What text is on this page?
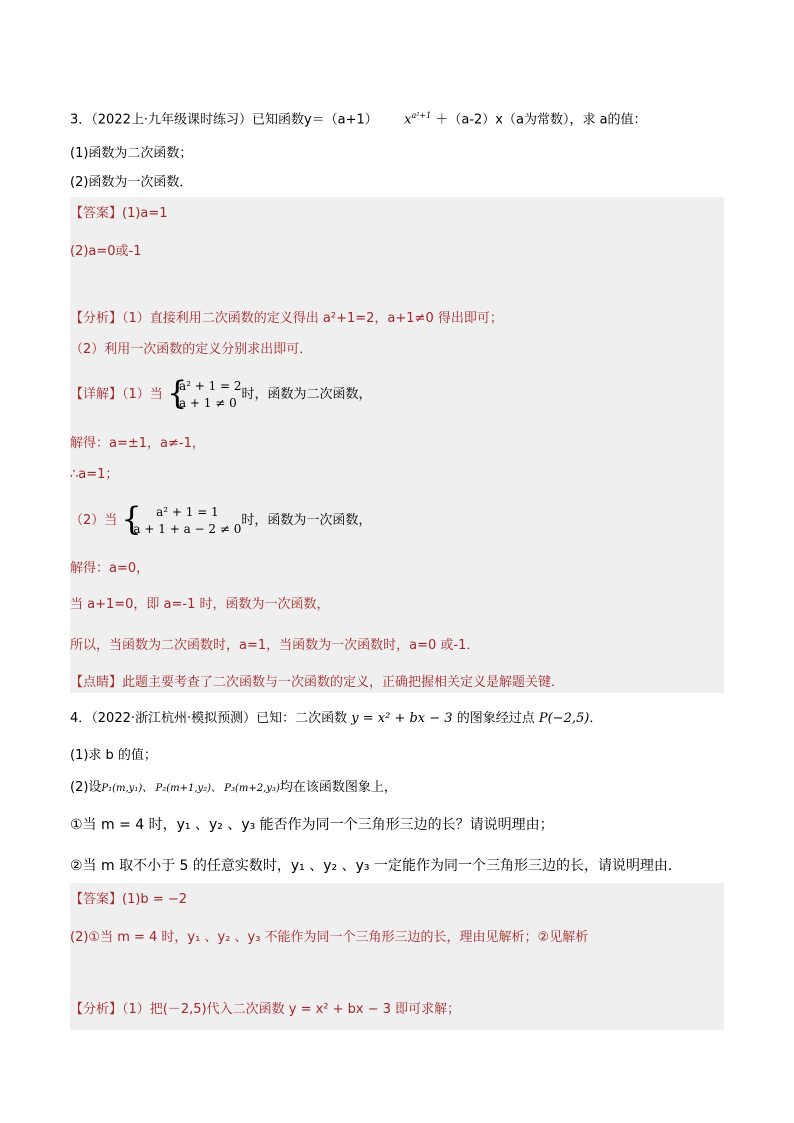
3．（2022上·九年级课时练习）已知函数y＝（a+1） $x^{a^2+1} +(a-2)x(a$为常数），求 a的值：
(1)函数为二次函数；
(2)函数为一次函数．
【答案】(1)a=1
(2)a=0或-1
【分析】（1）直接利用二次函数的定义得出 a²+1=2，a+1≠0 得出即可；
（2）利用一次函数的定义分别求出即可．
【详解】（1）当 {
a² + 1 = 2
a + 1 ≠ 0
时，函数为二次函数，
解得：a=±1，a≠-1，
∴a=1；
（2）当 {	a² + 1 = 1
a + 1 + a − 2 ≠ 0
时，函数为一次函数，
解得：a=0，
当 a+1=0，即 a=-1 时，函数为一次函数，
所以，当函数为二次函数时，a=1，当函数为一次函数时，a=0 或-1．
【点睛】此题主要考查了二次函数与一次函数的定义，正确把握相关定义是解题关键．
4．（2022·浙江杭州·模拟预测）已知：二次函数 y = x² + bx − 3 的图象经过点 P(−2,5)．
(1)求 b 的值；
(2)设P₁(m,y₁)、 P₂(m+1,y₂)、 P₃(m+2,y₃)均在该函数图象上，
①当 m = 4 时，y₁ 、y₂ 、y₃ 能否作为同一个三角形三边的长？请说明理由；
②当 m 取不小于 5 的任意实数时，y₁ 、y₂ 、y₃ 一定能作为同一个三角形三边的长，请说明理由．
【答案】(1)b = −2
(2)①当 m = 4 时，y₁ 、y₂ 、y₃ 不能作为同一个三角形三边的长，理由见解析；②见解析
【分析】（1）把(－2,5)代入二次函数 y = x² + bx − 3 即可求解；
